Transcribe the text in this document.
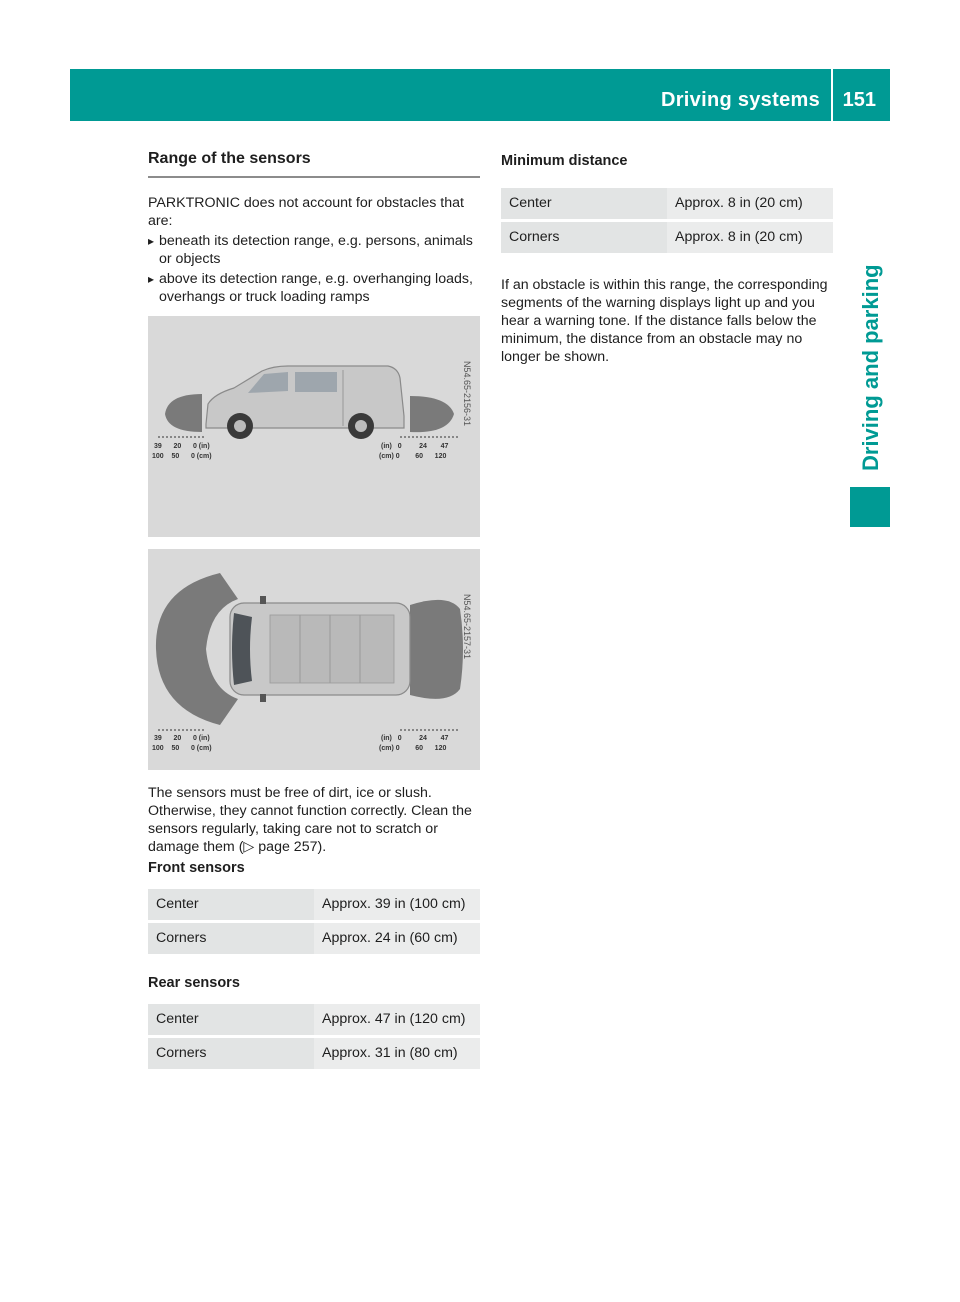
Driving systems 151
Driving and parking
Range of the sensors

PARKTRONIC does not account for obstacles that are:

▸ beneath its detection range, e.g. persons, animals or objects
▸ above its detection range, e.g. overhanging loads, overhangs or truck loading ramps
39 20 0 (in)
100 50 0 (cm)
(in) 0	24 47
(cm) 0 60 120
N54.65-2156-31
39 20 0 (in)
100 50 0 (cm)
(in) 0	24 47
(cm) 0 60 120
N54.65-2157-31

The sensors must be free of dirt, ice or slush. Otherwise, they cannot function correctly. Clean the sensors regularly, taking care not to scratch or damage them (▷ page 257).

Front sensors

Center	Approx. 39 in (100 cm)
Corners	Approx. 24 in (60 cm)

Rear sensors

Center	Approx. 47 in (120 cm)
Corners	Approx. 31 in (80 cm)

Minimum distance

Center	Approx. 8 in (20 cm)
Corners	Approx. 8 in (20 cm)

If an obstacle is within this range, the corresponding segments of the warning displays light up and you hear a warning tone. If the distance falls below the minimum, the distance from an obstacle may no longer be shown.
